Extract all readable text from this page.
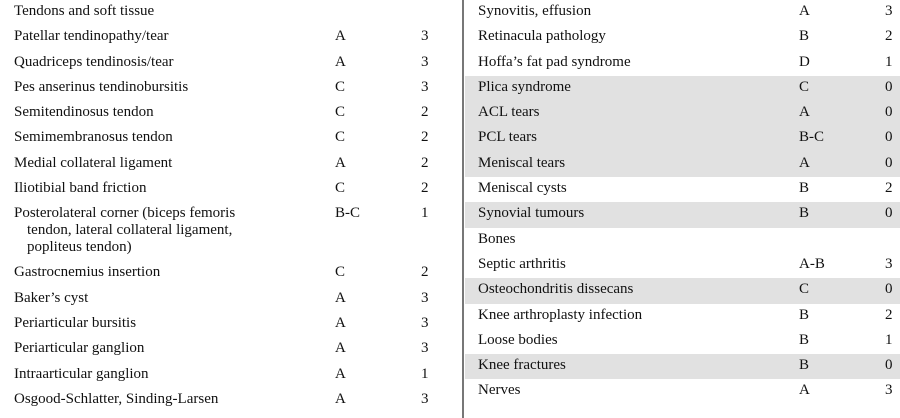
Tendons and soft tissue
Patellar tendinopathy/tear	A	3
Quadriceps tendinosis/tear	A	3
Pes anserinus tendinobursitis	C	3
Semitendinosus tendon	C	2
Semimembranosus tendon	C	2
Medial collateral ligament	A	2
Iliotibial band friction	C	2
Posterolateral corner (biceps femoris
tendon, lateral collateral ligament,
popliteus tendon)
B-C	1
Gastrocnemius insertion	C	2
Baker’s cyst	A	3
Periarticular bursitis	A	3
Periarticular ganglion	A	3
Intraarticular ganglion	A	1
Osgood-Schlatter, Sinding-Larsen	A	3
Synovitis, effusion	A	3
Retinacula pathology	B	2
Hoffa’s fat pad syndrome	D	1
Plica syndrome	C	0
ACL tears	A	0
PCL tears	B-C	0
Meniscal tears	A	0
Meniscal cysts	B	2
Synovial tumours	B	0
Bones
Septic arthritis	A-B	3
Osteochondritis dissecans	C	0
Knee arthroplasty infection	B	2
Loose bodies	B	1
Knee fractures	B	0
Nerves	A	3
